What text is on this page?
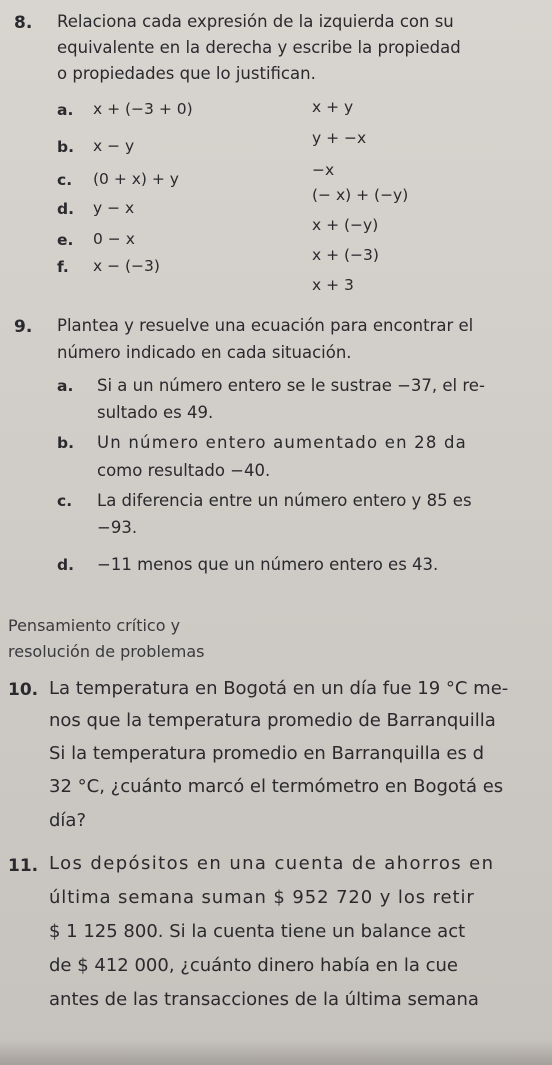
8. Relaciona cada expresión de la izquierda con su
equivalente en la derecha y escribe la propiedad
o propiedades que lo justifican.
a. x + (−3 + 0)
b. x − y
c. (0 + x) + y
d. y − x
e. 0 − x
f. x − (−3)
x + y
y + −x
−x
(− x) + (−y)
x + (−y)
x + (−3)
x + 3
9. Plantea y resuelve una ecuación para encontrar el
número indicado en cada situación.
a. Si a un número entero se le sustrae −37, el re-
sultado es 49.
b. Un número entero aumentado en 28 da
como resultado −40.
c. La diferencia entre un número entero y 85 es
−93.
d. −11 menos que un número entero es 43.
Pensamiento crítico y
resolución de problemas
10. La temperatura en Bogotá en un día fue 19 °C me-
nos que la temperatura promedio de Barranquilla
Si la temperatura promedio en Barranquilla es d
32 °C, ¿cuánto marcó el termómetro en Bogotá es
día?
11. Los depósitos en una cuenta de ahorros en
última semana suman $ 952 720 y los retir
$ 1 125 800. Si la cuenta tiene un balance act
de $ 412 000, ¿cuánto dinero había en la cue
antes de las transacciones de la última semana
